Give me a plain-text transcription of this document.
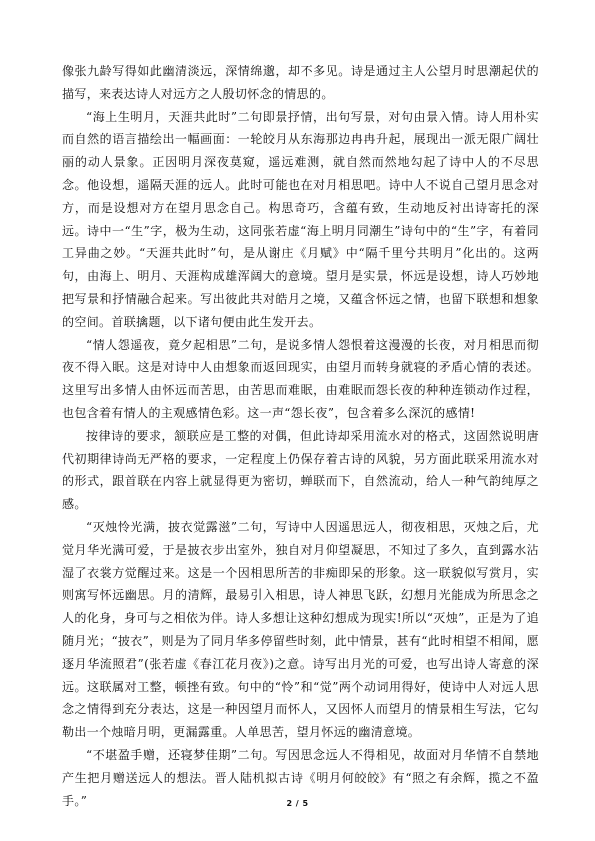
像张九龄写得如此幽清淡远，深情绵邈，却不多见。诗是通过主人公望月时思潮起伏的描写，来表达诗人对远方之人殷切怀念的情思的。

“海上生明月，天涯共此时”二句即景抒情，出句写景，对句由景入情。诗人用朴实而自然的语言描绘出一幅画面：一轮皎月从东海那边冉冉升起，展现出一派无限广阔壮丽的动人景象。正因明月深夜莫窥，遥远难测，就自然而然地勾起了诗中人的不尽思念。他设想，遥隔天涯的远人。此时可能也在对月相思吧。诗中人不说自己望月思念对方，而是设想对方在望月思念自己。构思奇巧，含蕴有致，生动地反衬出诗寄托的深远。诗中一“生”字，极为生动，这同张若虚“海上明月同潮生”诗句中的“生”字，有着同工异曲之妙。“天涯共此时”句，是从谢庄《月赋》中“隔千里兮共明月”化出的。这两句，由海上、明月、天涯构成雄浑阔大的意境。望月是实景，怀远是设想，诗人巧妙地把写景和抒情融合起来。写出彼此共对皓月之境，又蕴含怀远之情，也留下联想和想象的空间。首联擒题，以下诸句便由此生发开去。

“情人怨遥夜，竟夕起相思”二句，是说多情人怨恨着这漫漫的长夜，对月相思而彻夜不得入眠。这是对诗中人由想象而返回现实，由望月而转身就寝的矛盾心情的表述。这里写出多情人由怀远而苦思，由苦思而难眠，由难眠而怨长夜的种种连锁动作过程，也包含着有情人的主观感情色彩。这一声“怨长夜”，包含着多么深沉的感情!

按律诗的要求，颔联应是工整的对偶，但此诗却采用流水对的格式，这固然说明唐代初期律诗尚无严格的要求，一定程度上仍保存着古诗的风貌，另方面此联采用流水对的形式，跟首联在内容上就显得更为密切，蝉联而下，自然流动，给人一种气韵纯厚之感。

“灭烛怜光满，披衣觉露滋”二句，写诗中人因遥思远人，彻夜相思，灭烛之后，尤觉月华光满可爱，于是披衣步出室外，独自对月仰望凝思，不知过了多久，直到露水沾湿了衣裳方觉醒过来。这是一个因相思所苦的非痴即呆的形象。这一联貌似写赏月，实则寓写怀远幽思。月的清辉，最易引入相思，诗人神思飞跃，幻想月光能成为所思念之人的化身，身可与之相依为伴。诗人多想让这种幻想成为现实!所以“灭烛”，正是为了追随月光；“披衣”，则是为了同月华多停留些时刻，此中情景，甚有“此时相望不相闻，愿逐月华流照君”(张若虚《春江花月夜》)之意。诗写出月光的可爱，也写出诗人寄意的深远。这联属对工整，顿挫有致。句中的“怜”和“觉”两个动词用得好，使诗中人对远人思念之情得到充分表达，这是一种因望月而怀人，又因怀人而望月的情景相生写法，它勾勒出一个烛暗月明，更漏露重。人单思苦，望月怀远的幽清意境。

“不堪盈手赠，还寝梦佳期”二句。写因思念远人不得相见，故面对月华情不自禁地产生把月赠送远人的想法。晋人陆机拟古诗《明月何皎皎》有“照之有余辉，揽之不盈手。”	2 / 5
